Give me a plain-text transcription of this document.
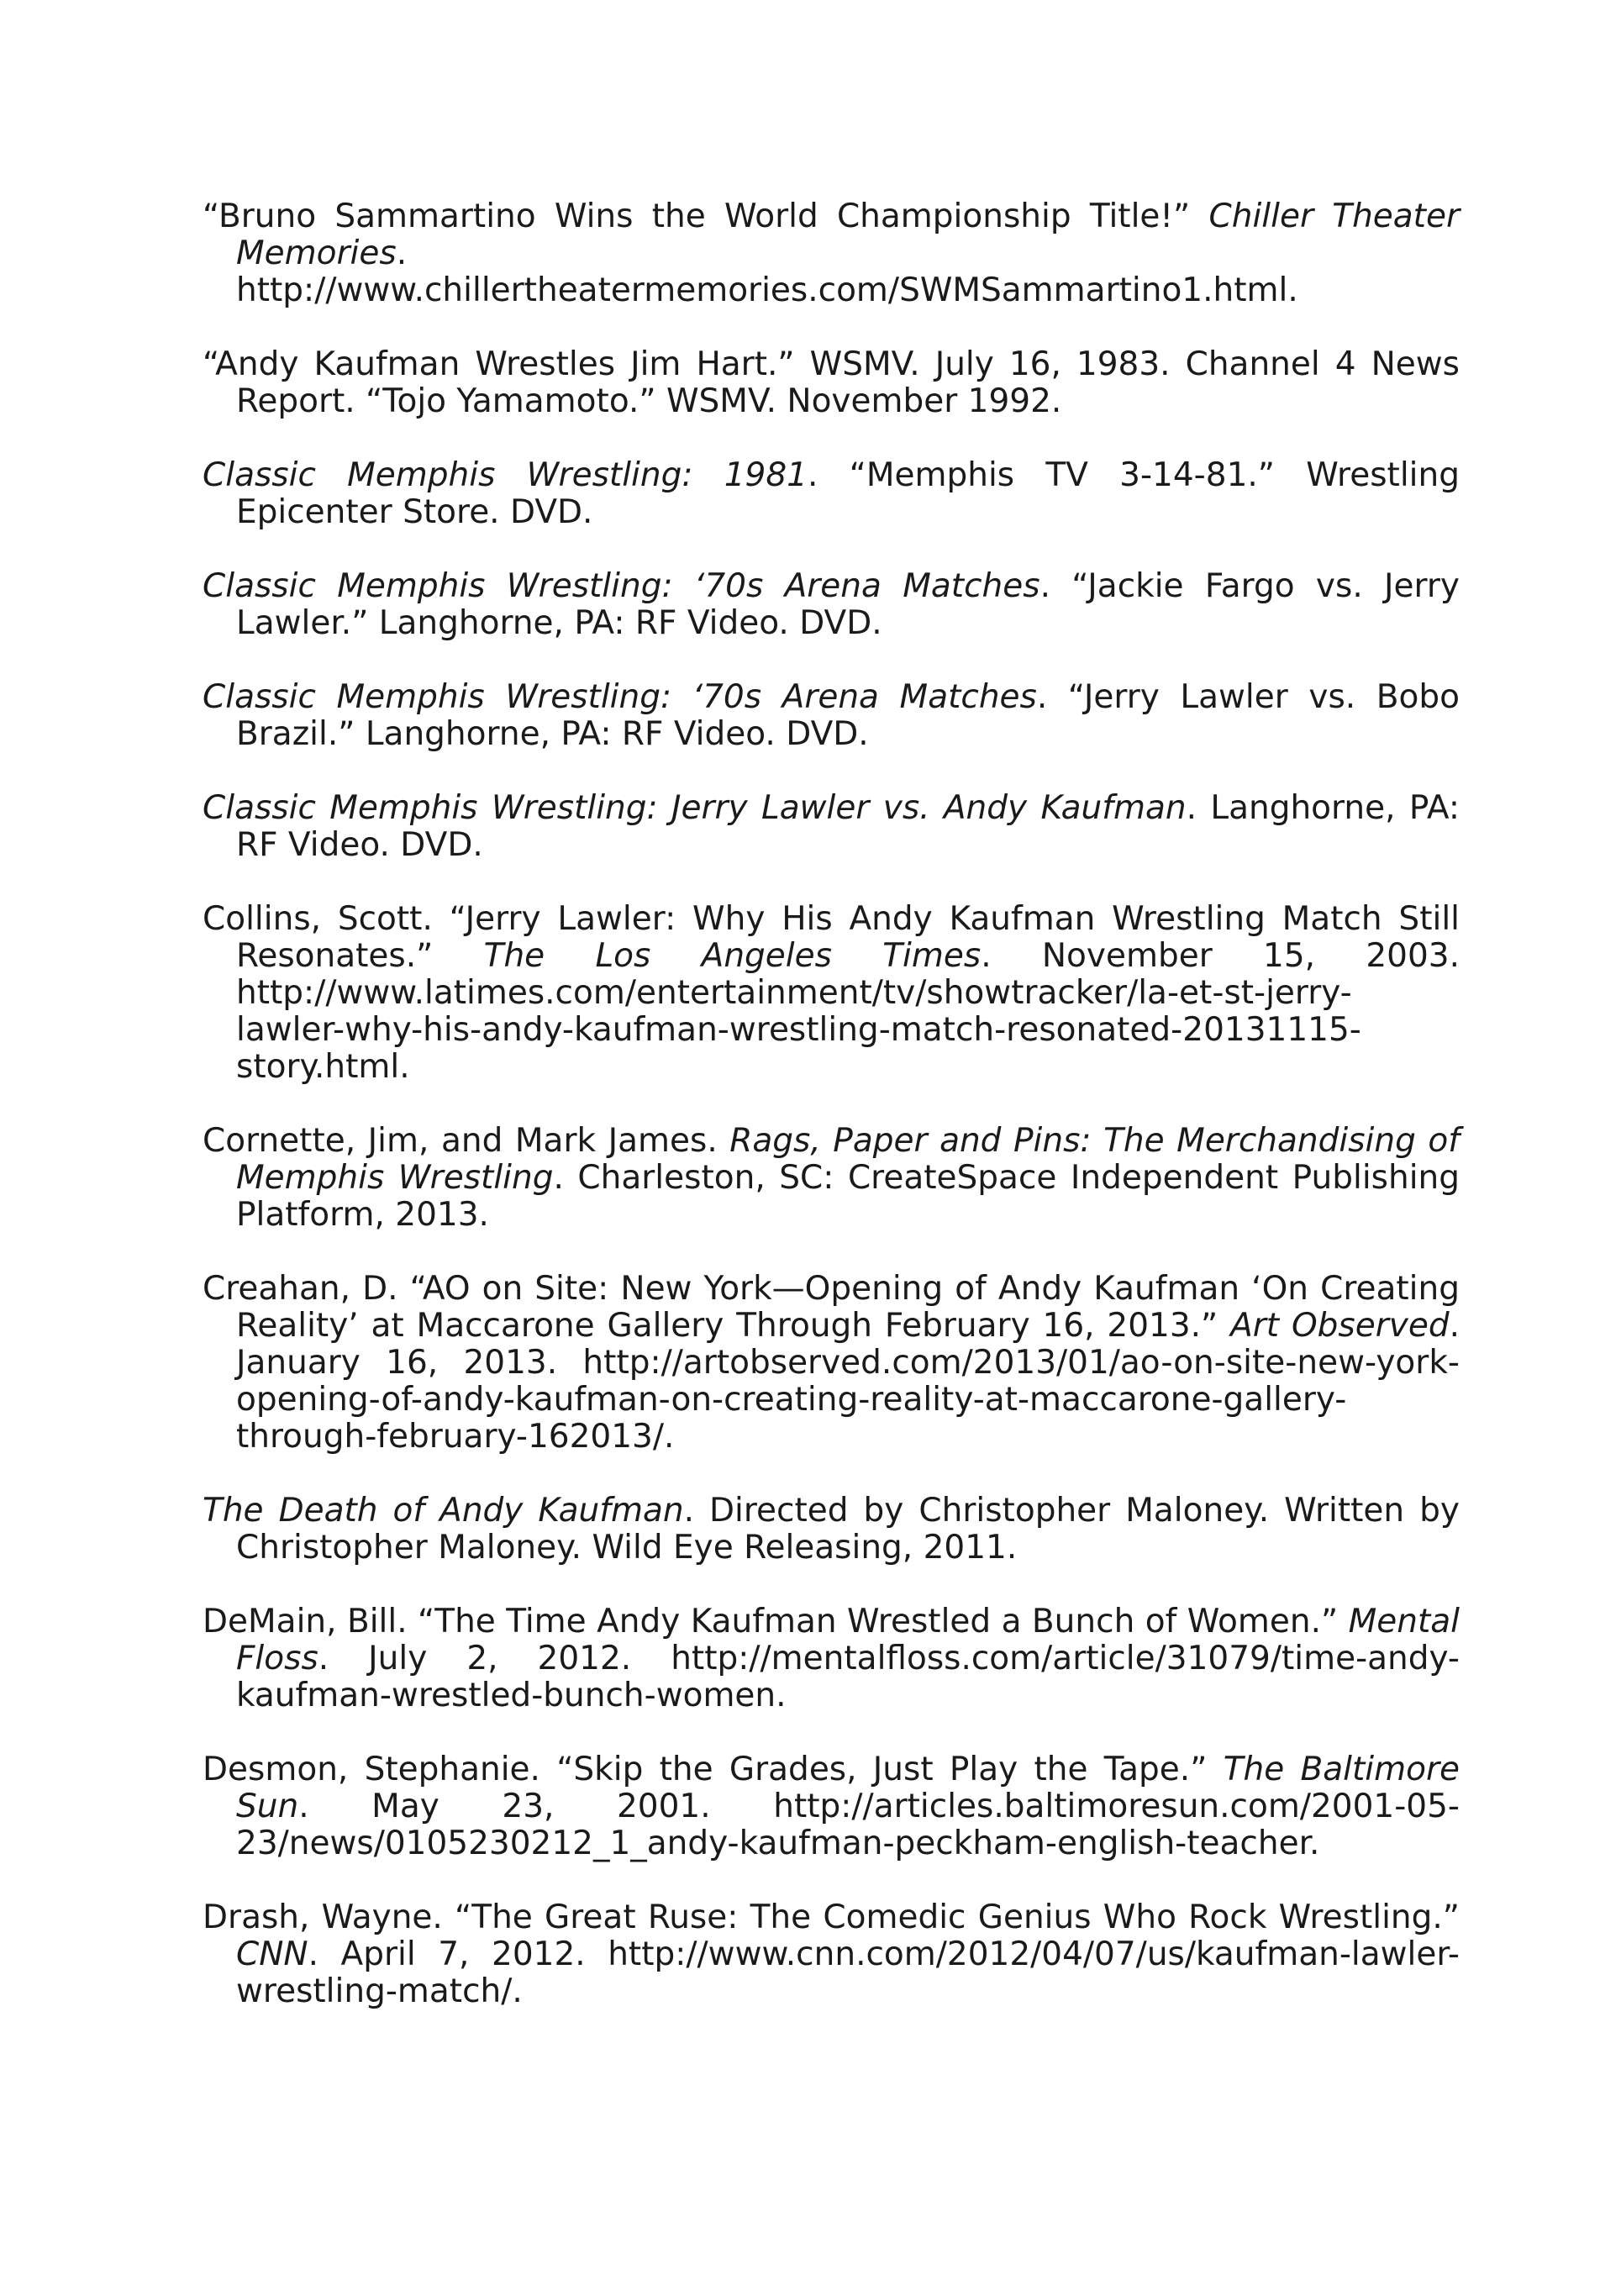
“Bruno Sammartino Wins the World Championship Title!” Chiller Theater Memories. http://www.chillertheatermemories.com/SWMSammartino1.html.

“Andy Kaufman Wrestles Jim Hart.” WSMV. July 16, 1983. Channel 4 News Report. “Tojo Yamamoto.” WSMV. November 1992.

Classic Memphis Wrestling: 1981. “Memphis TV 3-14-81.” Wrestling Epicenter Store. DVD.

Classic Memphis Wrestling: ‘70s Arena Matches. “Jackie Fargo vs. Jerry Lawler.” Langhorne, PA: RF Video. DVD.

Classic Memphis Wrestling: ‘70s Arena Matches. “Jerry Lawler vs. Bobo Brazil.” Langhorne, PA: RF Video. DVD.

Classic Memphis Wrestling: Jerry Lawler vs. Andy Kaufman. Langhorne, PA: RF Video. DVD.

Collins, Scott. “Jerry Lawler: Why His Andy Kaufman Wrestling Match Still Resonates.” The Los Angeles Times. November 15, 2003. http://www.latimes.com/entertainment/tv/showtracker/la-et-st-jerry-lawler-why-his-andy-kaufman-wrestling-match-resonated-20131115-story.html.

Cornette, Jim, and Mark James. Rags, Paper and Pins: The Merchandising of Memphis Wrestling. Charleston, SC: CreateSpace Independent Publishing Platform, 2013.

Creahan, D. “AO on Site: New York—Opening of Andy Kaufman ‘On Creating Reality’ at Maccarone Gallery Through February 16, 2013.” Art Observed. January 16, 2013. http://artobserved.com/2013/01/ao-on-site-new-york-opening-of-andy-kaufman-on-creating-reality-at-maccarone-gallery-through-february-162013/.

The Death of Andy Kaufman. Directed by Christopher Maloney. Written by Christopher Maloney. Wild Eye Releasing, 2011.

DeMain, Bill. “The Time Andy Kaufman Wrestled a Bunch of Women.” Mental Floss. July 2, 2012. http://mentalfloss.com/article/31079/time-andy-kaufman-wrestled-bunch-women.

Desmon, Stephanie. “Skip the Grades, Just Play the Tape.” The Baltimore Sun. May 23, 2001. http://articles.baltimoresun.com/2001-05-23/news/0105230212_1_andy-kaufman-peckham-english-teacher.

Drash, Wayne. “The Great Ruse: The Comedic Genius Who Rock Wrestling.” CNN. April 7, 2012. http://www.cnn.com/2012/04/07/us/kaufman-lawler-wrestling-match/.
